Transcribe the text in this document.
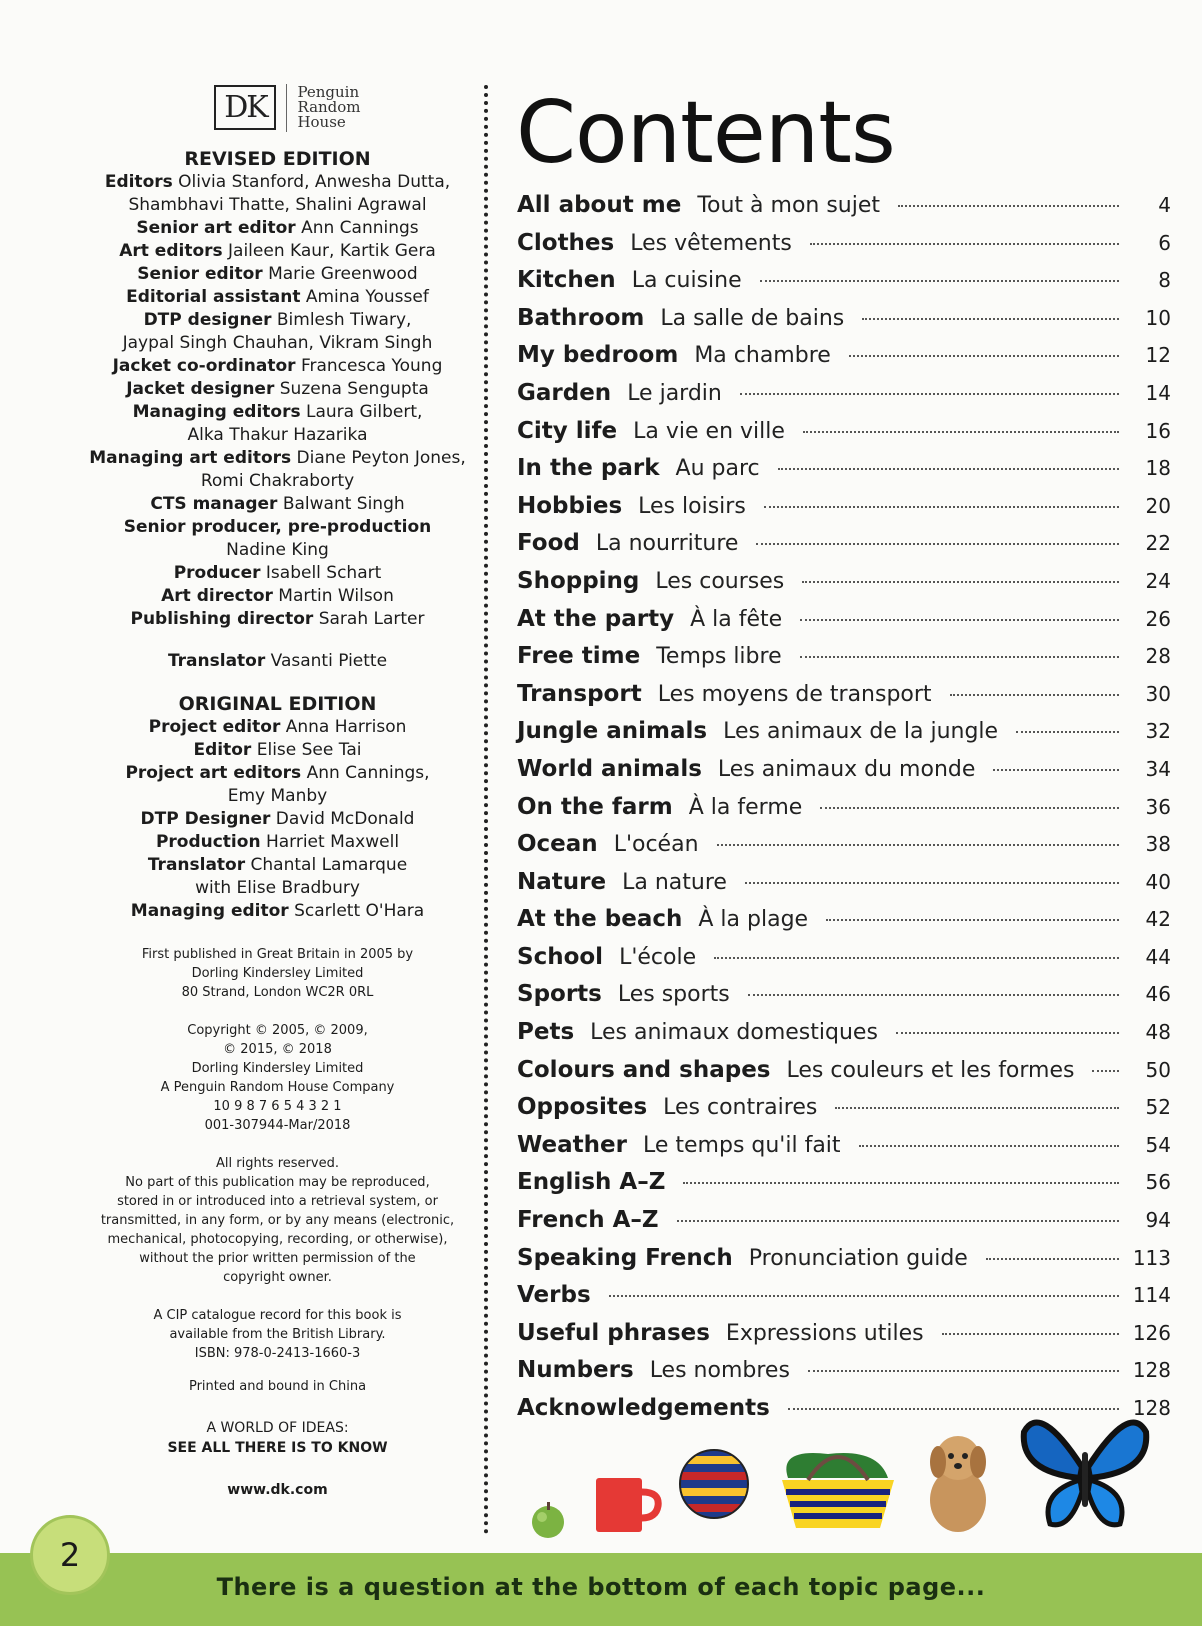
DK	Penguin
Random
House
REVISED EDITION
Editors Olivia Stanford, Anwesha Dutta,
Shambhavi Thatte, Shalini Agrawal
Senior art editor Ann Cannings
Art editors Jaileen Kaur, Kartik Gera
Senior editor Marie Greenwood
Editorial assistant Amina Youssef
DTP designer Bimlesh Tiwary,
Jaypal Singh Chauhan, Vikram Singh
Jacket co-ordinator Francesca Young
Jacket designer Suzena Sengupta
Managing editors Laura Gilbert,
Alka Thakur Hazarika
Managing art editors Diane Peyton Jones,
Romi Chakraborty
CTS manager Balwant Singh
Senior producer, pre-production
Nadine King
Producer Isabell Schart
Art director Martin Wilson
Publishing director Sarah Larter
Translator Vasanti Piette
ORIGINAL EDITION
Project editor Anna Harrison
Editor Elise See Tai
Project art editors Ann Cannings,
Emy Manby
DTP Designer David McDonald
Production Harriet Maxwell
Translator Chantal Lamarque
with Elise Bradbury
Managing editor Scarlett O'Hara
First published in Great Britain in 2005 by
Dorling Kindersley Limited
80 Strand, London WC2R 0RL
Copyright © 2005, © 2009,
© 2015, © 2018
Dorling Kindersley Limited
A Penguin Random House Company
10 9 8 7 6 5 4 3 2 1
001-307944-Mar/2018
All rights reserved.
No part of this publication may be reproduced,
stored in or introduced into a retrieval system, or
transmitted, in any form, or by any means (electronic,
mechanical, photocopying, recording, or otherwise),
without the prior written permission of the
copyright owner.
A CIP catalogue record for this book is
available from the British Library.
ISBN: 978-0-2413-1660-3
Printed and bound in China
A WORLD OF IDEAS:
SEE ALL THERE IS TO KNOW
www.dk.com
Contents
All about me Tout à mon sujet	4
Clothes Les vêtements	6
Kitchen La cuisine	8
Bathroom La salle de bains	10
My bedroom Ma chambre	12
Garden Le jardin	14
City life La vie en ville	16
In the park Au parc	18
Hobbies Les loisirs	20
Food La nourriture	22
Shopping Les courses	24
At the party À la fête	26
Free time Temps libre	28
Transport Les moyens de transport	30
Jungle animals Les animaux de la jungle	32
World animals Les animaux du monde	34
On the farm À la ferme	36
Ocean L'océan	38
Nature La nature	40
At the beach À la plage	42
School L'école	44
Sports Les sports	46
Pets Les animaux domestiques	48
Colours and shapes Les couleurs et les formes	50
Opposites Les contraires	52
Weather Le temps qu'il fait	54
English A–Z	56
French A–Z	94
Speaking French Pronunciation guide	113
Verbs	114
Useful phrases Expressions utiles	126
Numbers Les nombres	128
Acknowledgements	128
There is a question at the bottom of each topic page...
2
